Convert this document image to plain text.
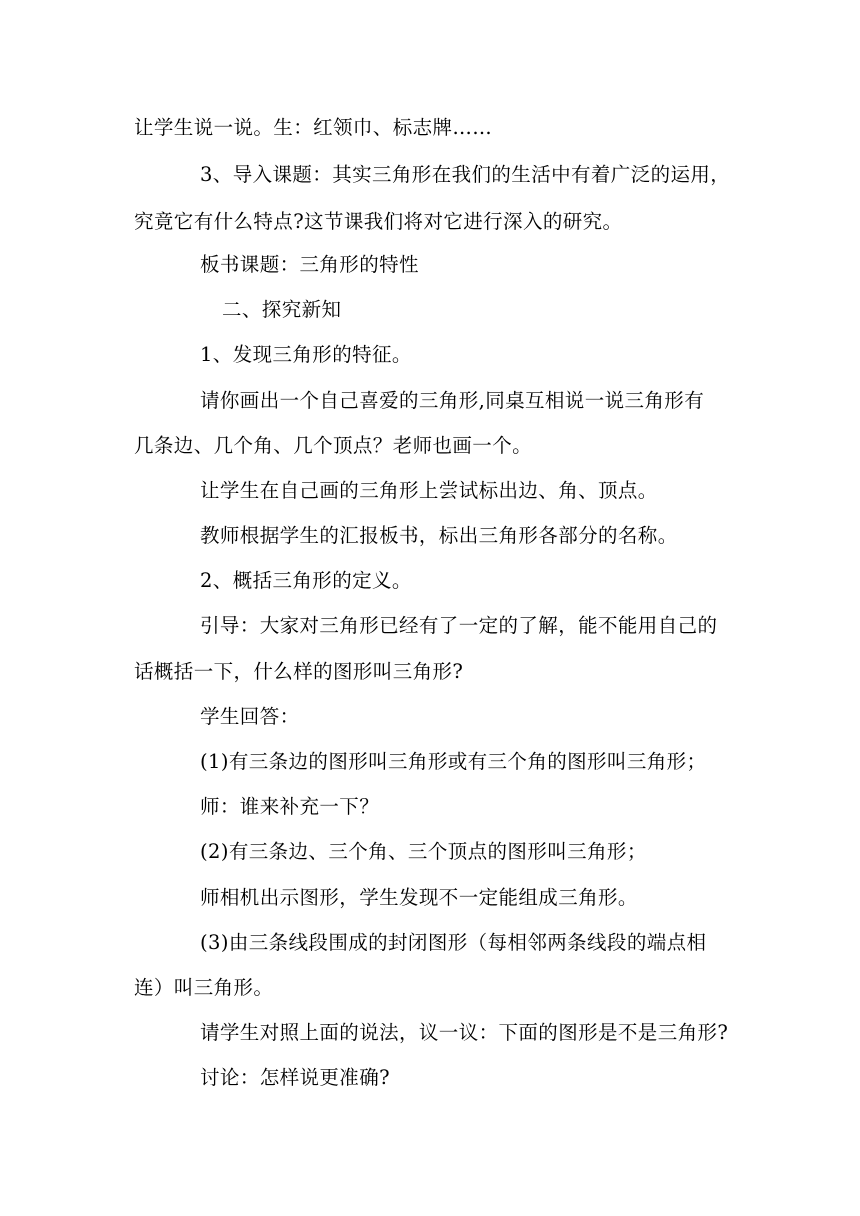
让学生说一说。生：红领巾、标志牌……
3、导入课题：其实三角形在我们的生活中有着广泛的运用，
究竟它有什么特点?这节课我们将对它进行深入的研究。
板书课题：三角形的特性
二、探究新知
1、发现三角形的特征。
请你画出一个自己喜爱的三角形,同桌互相说一说三角形有
几条边、几个角、几个顶点？老师也画一个。
让学生在自己画的三角形上尝试标出边、角、顶点。
教师根据学生的汇报板书，标出三角形各部分的名称。
2、概括三角形的定义。
引导：大家对三角形已经有了一定的了解，能不能用自己的
话概括一下，什么样的图形叫三角形?
学生回答：
(1)有三条边的图形叫三角形或有三个角的图形叫三角形；
师：谁来补充一下？
(2)有三条边、三个角、三个顶点的图形叫三角形；
师相机出示图形，学生发现不一定能组成三角形。
(3)由三条线段围成的封闭图形（每相邻两条线段的端点相
连）叫三角形。
请学生对照上面的说法，议一议：下面的图形是不是三角形?
讨论：怎样说更准确?
